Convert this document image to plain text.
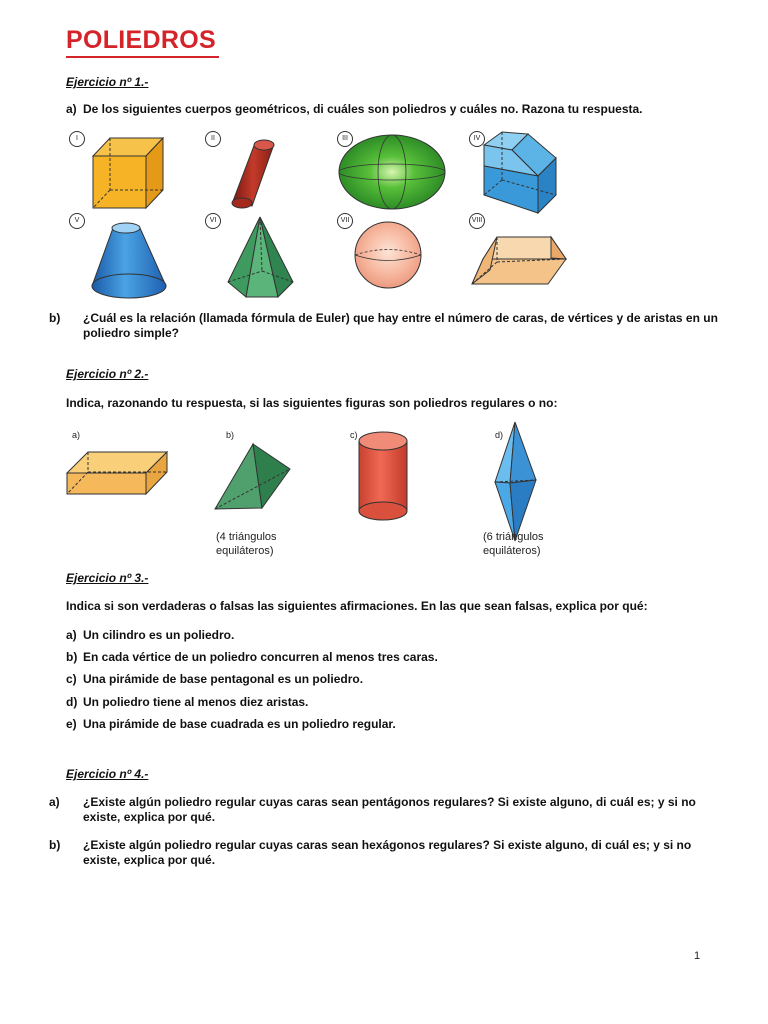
POLIEDROS
Ejercicio nº 1.-
a) De los siguientes cuerpos geométricos, di cuáles son poliedros y cuáles no. Razona tu respuesta.
I	II	III	IV
V	VI	VII	VIII
b) ¿Cuál es la relación (llamada fórmula de Euler) que hay entre el número de caras, de vértices y de aristas en un poliedro simple?
Ejercicio nº 2.-
Indica, razonando tu respuesta, si las siguientes figuras son poliedros regulares o no:
a)	b)	c)	d)
(4 triángulos equiláteros)
(6 triángulos equiláteros)
Ejercicio nº 3.-
Indica si son verdaderas o falsas las siguientes afirmaciones. En las que sean falsas, explica por qué:
a) Un cilindro es un poliedro.
b) En cada vértice de un poliedro concurren al menos tres caras.
c) Una pirámide de base pentagonal es un poliedro.
d) Un poliedro tiene al menos diez aristas.
e) Una pirámide de base cuadrada es un poliedro regular.
Ejercicio nº 4.-
a) ¿Existe algún poliedro regular cuyas caras sean pentágonos regulares? Si existe alguno, di cuál es; y si no existe, explica por qué.
b) ¿Existe algún poliedro regular cuyas caras sean hexágonos regulares? Si existe alguno, di cuál es; y si no existe, explica por qué.
1
